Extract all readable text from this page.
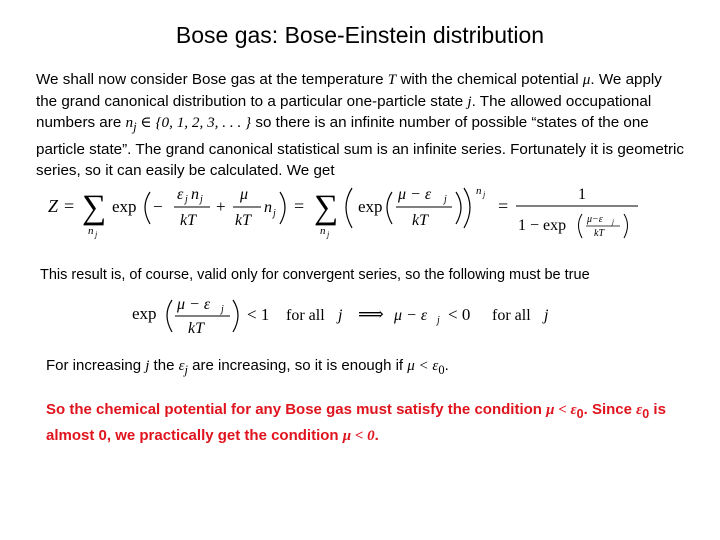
Bose gas: Bose-Einstein distribution
We shall now consider Bose gas at the temperature T with the chemical potential μ. We apply the grand canonical distribution to a particular one-particle state j. The allowed occupational numbers are $n_j$ ∈ {0, 1, 2, 3, . . . } so there is an infinite number of possible “states of the one particle state”. The grand canonical statistical sum is an infinite series. Fortunately it is geometric series, so it can easily be calculated. We get
Z = ∑
n j
exp −
ε j n j
kT
+
μ
kT
n j = ∑
n j
exp
μ − ε j
kT
n j
=
1
1 − exp μ−ε j
kT
This result is, of course, valid only for convergent series, so the following must be true
exp μ − ε j
kT
< 1 for all j ⟹ μ − ε j < 0 for all j
For increasing j the $\varepsilon_j$ are increasing, so it is enough if $\mu < \varepsilon_0$.
So the chemical potential for any Bose gas must satisfy the condition $\mu < \varepsilon_0$. Since $\varepsilon_0$ is almost 0, we practically get the condition μ < 0.
